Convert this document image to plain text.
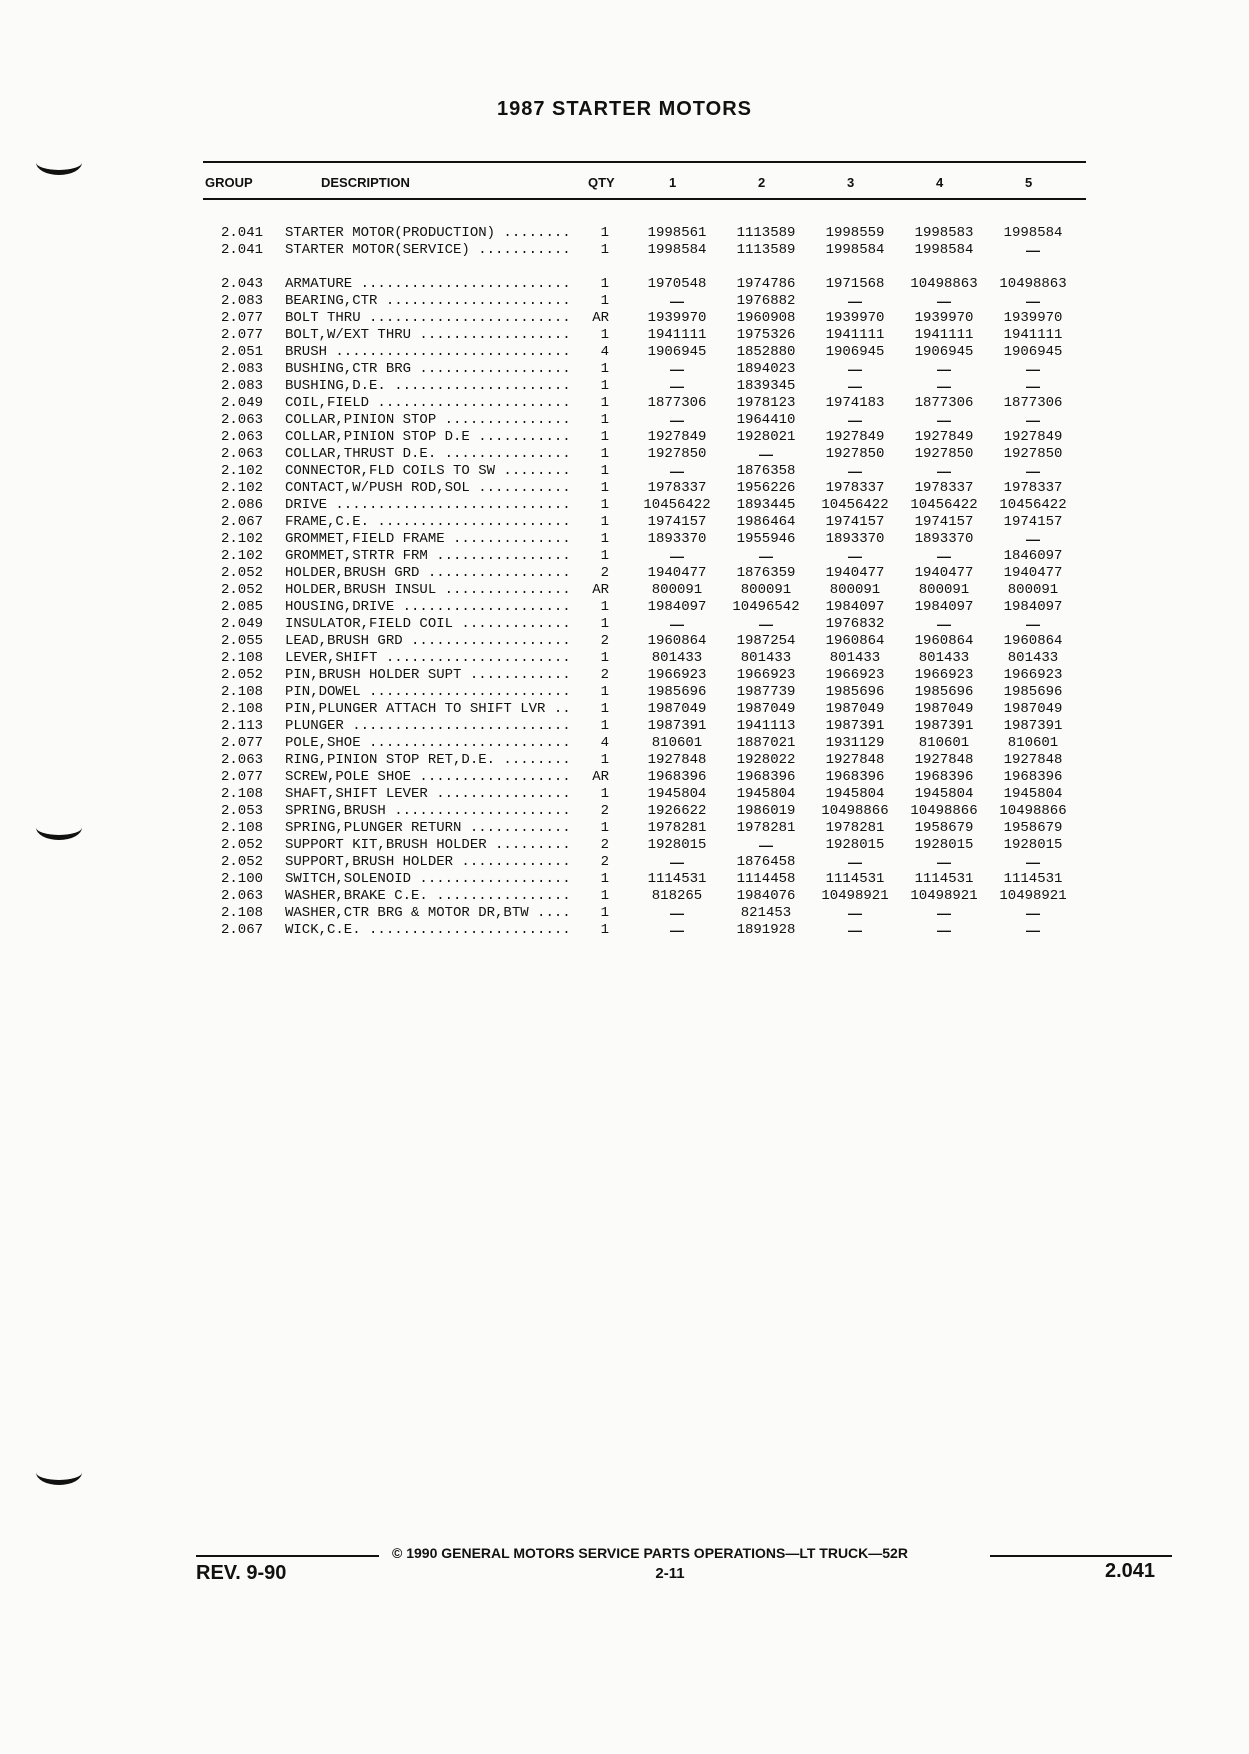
1987 STARTER MOTORS
GROUP	DESCRIPTION	QTY	1	2	3	4	5
2.041 STARTER MOTOR(PRODUCTION) ........	1	1998561	1113589	1998559	1998583	1998584
2.041 STARTER MOTOR(SERVICE) ...........	1	1998584	1113589	1998584	1998584	—
2.043 ARMATURE .........................	1	1970548	1974786	1971568	10498863	10498863
2.083 BEARING,CTR ......................	1	—	1976882	—	—	—
2.077 BOLT THRU ........................	AR	1939970	1960908	1939970	1939970	1939970
2.077 BOLT,W/EXT THRU ..................	1	1941111	1975326	1941111	1941111	1941111
2.051 BRUSH ............................	4	1906945	1852880	1906945	1906945	1906945
2.083 BUSHING,CTR BRG ..................	1	—	1894023	—	—	—
2.083 BUSHING,D.E. .....................	1	—	1839345	—	—	—
2.049 COIL,FIELD .......................	1	1877306	1978123	1974183	1877306	1877306
2.063 COLLAR,PINION STOP ...............	1	—	1964410	—	—	—
2.063 COLLAR,PINION STOP D.E ...........	1	1927849	1928021	1927849	1927849	1927849
2.063 COLLAR,THRUST D.E. ...............	1	1927850	—	1927850	1927850	1927850
2.102 CONNECTOR,FLD COILS TO SW ........	1	—	1876358	—	—	—
2.102 CONTACT,W/PUSH ROD,SOL ...........	1	1978337	1956226	1978337	1978337	1978337
2.086 DRIVE ............................	1	10456422	1893445	10456422	10456422	10456422
2.067 FRAME,C.E. .......................	1	1974157	1986464	1974157	1974157	1974157
2.102 GROMMET,FIELD FRAME ..............	1	1893370	1955946	1893370	1893370	—
2.102 GROMMET,STRTR FRM ................	1	—	—	—	—	1846097
2.052 HOLDER,BRUSH GRD .................	2	1940477	1876359	1940477	1940477	1940477
2.052 HOLDER,BRUSH INSUL ...............	AR	800091	800091	800091	800091	800091
2.085 HOUSING,DRIVE ....................	1	1984097	10496542	1984097	1984097	1984097
2.049 INSULATOR,FIELD COIL .............	1	—	—	1976832	—	—
2.055 LEAD,BRUSH GRD ...................	2	1960864	1987254	1960864	1960864	1960864
2.108 LEVER,SHIFT ......................	1	801433	801433	801433	801433	801433
2.052 PIN,BRUSH HOLDER SUPT ............	2	1966923	1966923	1966923	1966923	1966923
2.108 PIN,DOWEL ........................	1	1985696	1987739	1985696	1985696	1985696
2.108 PIN,PLUNGER ATTACH TO SHIFT LVR ..	1	1987049	1987049	1987049	1987049	1987049
2.113 PLUNGER ..........................	1	1987391	1941113	1987391	1987391	1987391
2.077 POLE,SHOE ........................	4	810601	1887021	1931129	810601	810601
2.063 RING,PINION STOP RET,D.E. ........	1	1927848	1928022	1927848	1927848	1927848
2.077 SCREW,POLE SHOE ..................	AR	1968396	1968396	1968396	1968396	1968396
2.108 SHAFT,SHIFT LEVER ................	1	1945804	1945804	1945804	1945804	1945804
2.053 SPRING,BRUSH .....................	2	1926622	1986019	10498866	10498866	10498866
2.108 SPRING,PLUNGER RETURN ............	1	1978281	1978281	1978281	1958679	1958679
2.052 SUPPORT KIT,BRUSH HOLDER .........	2	1928015	—	1928015	1928015	1928015
2.052 SUPPORT,BRUSH HOLDER .............	2	—	1876458	—	—	—
2.100 SWITCH,SOLENOID ..................	1	1114531	1114458	1114531	1114531	1114531
2.063 WASHER,BRAKE C.E. ................	1	818265	1984076	10498921	10498921	10498921
2.108 WASHER,CTR BRG & MOTOR DR,BTW ....	1	—	821453	—	—	—
2.067 WICK,C.E. ........................	1	—	1891928	—	—	—
© 1990 GENERAL MOTORS SERVICE PARTS OPERATIONS—LT TRUCK—52R
REV. 9-90	2-11	2.041
